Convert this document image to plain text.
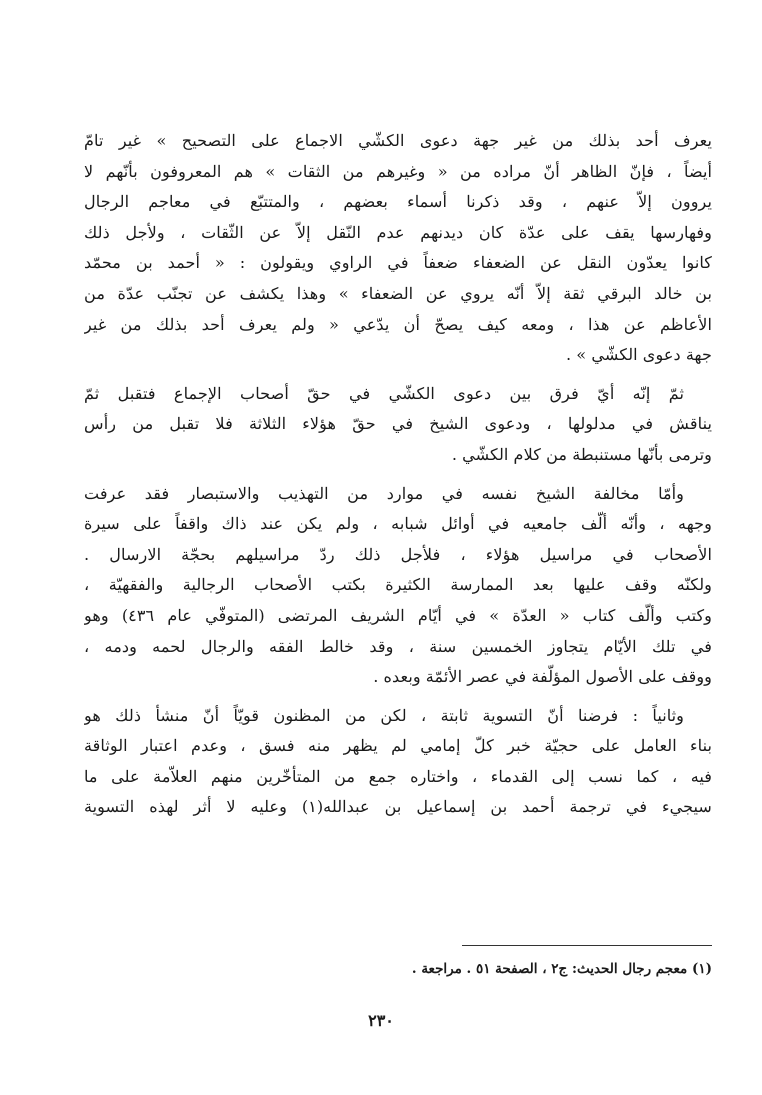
يعرف أحد بذلك من غير جهة دعوى الكشّي الاجماع على التصحيح » غير تامّ
أيضاً ، فإنّ الظاهر أنّ مراده من « وغيرهم من الثقات » هم المعروفون بأنّهم لا
يروون إلاّ عنهم ، وقد ذكرنا أسماء بعضهم ، والمتتبّع في معاجم الرجال
وفهارسها يقف على عدّة كان ديدنهم عدم النّقل إلاّ عن الثّقات ، ولأجل ذلك
كانوا يعدّون النقل عن الضعفاء ضعفاً في الراوي ويقولون : « أحمد بن محمّد
بن خالد البرقي ثقة إلاّ أنّه يروي عن الضعفاء » وهذا يكشف عن تجنّب عدّة من
الأعاظم عن هذا ، ومعه كيف يصحّ أن يدّعي « ولم يعرف أحد بذلك من غير
جهة دعوى الكشّي » .

ثمّ إنّه أيّ فرق بين دعوى الكشّي في حقّ أصحاب الإجماع فتقبل ثمّ
يناقش في مدلولها ، ودعوى الشيخ في حقّ هؤلاء الثلاثة فلا تقبل من رأس
وترمى بأنّها مستنبطة من كلام الكشّي .

وأمّا مخالفة الشيخ نفسه في موارد من التهذيب والاستبصار فقد عرفت
وجهه ، وأنّه ألّف جامعيه في أوائل شبابه ، ولم يكن عند ذاك واقفاً على سيرة
الأصحاب في مراسيل هؤلاء ، فلأجل ذلك ردّ مراسيلهم بحجّة الارسال .
ولكنّه وقف عليها بعد الممارسة الكثيرة بكتب الأصحاب الرجالية والفقهيّة ،
وكتب وألّف كتاب « العدّة » في أيّام الشريف المرتضى (المتوفّي عام ٤٣٦) وهو
في تلك الأيّام يتجاوز الخمسين سنة ، وقد خالط الفقه والرجال لحمه ودمه ،
ووقف على الأصول المؤلّفة في عصر الأئمّة وبعده .

وثانياً : فرضنا أنّ التسوية ثابتة ، لكن من المظنون قويّاً أنّ منشأ ذلك هو
بناء العامل على حجيّة خبر كلّ إمامي لم يظهر منه فسق ، وعدم اعتبار الوثاقة
فيه ، كما نسب إلى القدماء ، واختاره جمع من المتأخّرين منهم العلاّمة على ما
سيجيء في ترجمة أحمد بن إسماعيل بن عبدالله(١) وعليه لا أثر لهذه التسوية

(١) معجم رجال الحديث: ج٢ ، الصفحة ٥١ . مراجعة .
٢٣٠
